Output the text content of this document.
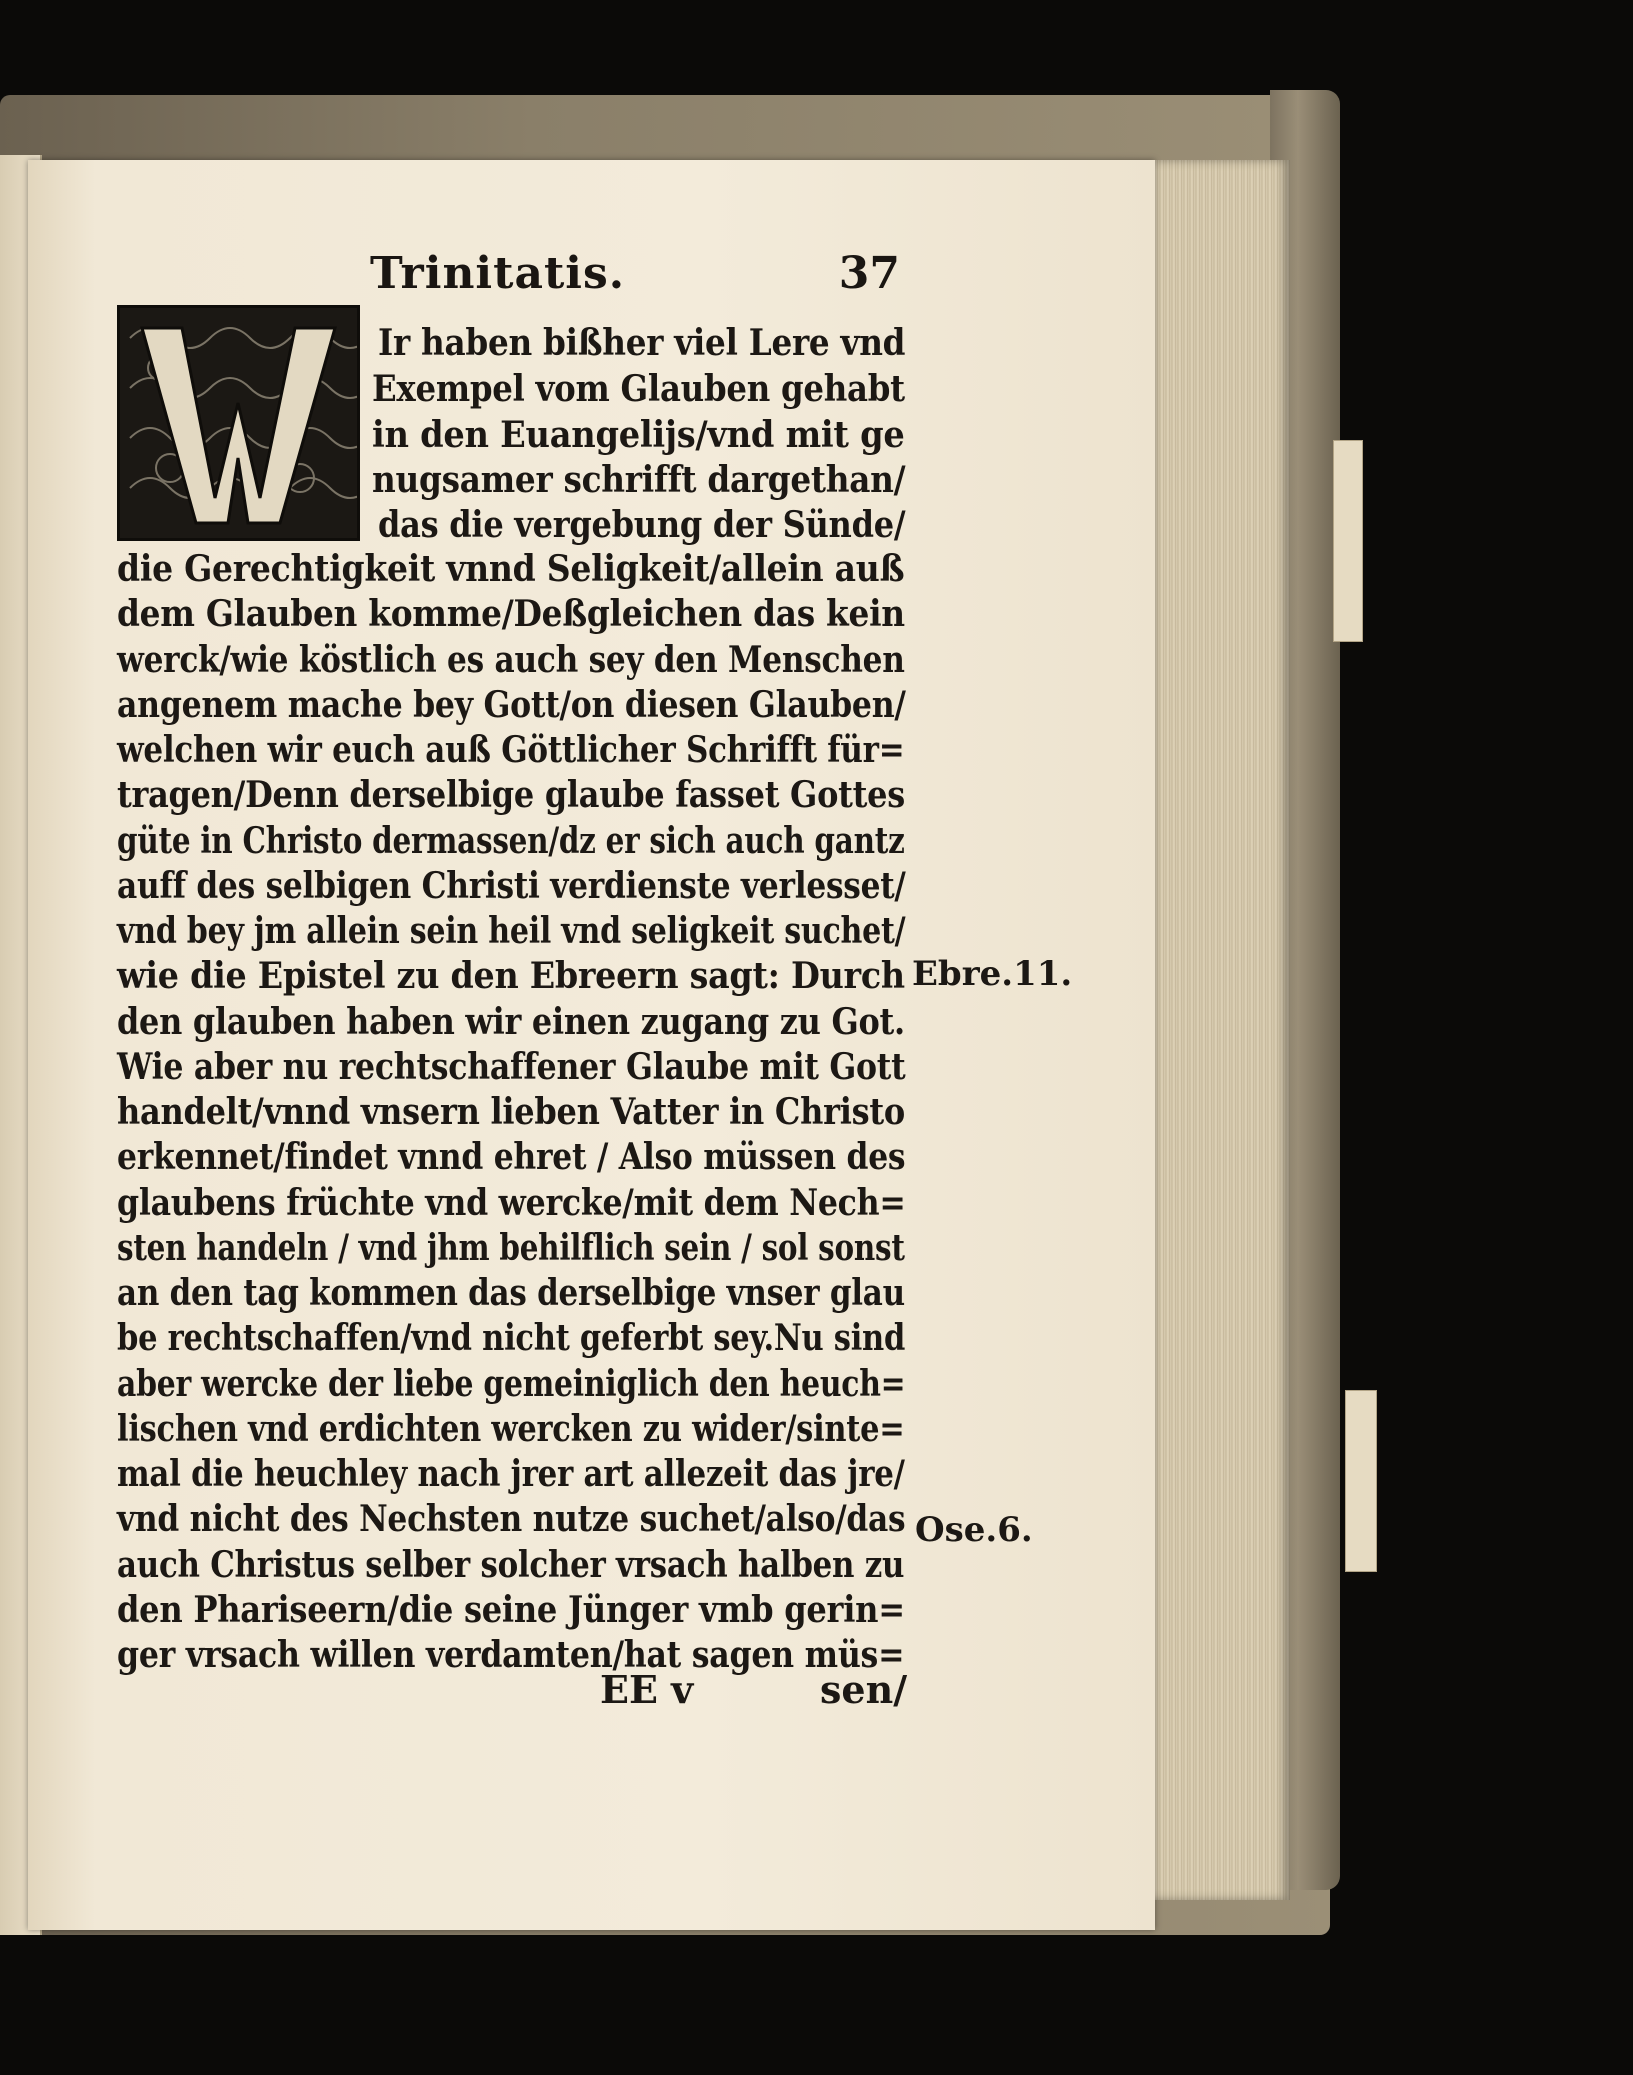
Trinitatis.	37
Ir haben bißher viel Lere vnd
Exempel vom Glauben gehabt
in den Euangelijs/vnd mit ge
nugsamer schrifft dargethan/
das die vergebung der Sünde/
die Gerechtigkeit vnnd Seligkeit/allein auß
dem Glauben komme/Deßgleichen das kein
werck/wie köstlich es auch sey den Menschen
angenem mache bey Gott/on diesen Glauben/
welchen wir euch auß Göttlicher Schrifft für=
tragen/Denn derselbige glaube fasset Gottes
güte in Christo dermassen/dz er sich auch gantz
auff des selbigen Christi verdienste verlesset/
vnd bey jm allein sein heil vnd seligkeit suchet/
wie die Epistel zu den Ebreern sagt: Durch
den glauben haben wir einen zugang zu Got.
Wie aber nu rechtschaffener Glaube mit Gott
handelt/vnnd vnsern lieben Vatter in Christo
erkennet/findet vnnd ehret / Also müssen des
glaubens früchte vnd wercke/mit dem Nech=
sten handeln / vnd jhm behilflich sein / sol sonst
an den tag kommen das derselbige vnser glau
be rechtschaffen/vnd nicht geferbt sey.Nu sind
aber wercke der liebe gemeiniglich den heuch=
lischen vnd erdichten wercken zu wider/sinte=
mal die heuchley nach jrer art allezeit das jre/
vnd nicht des Nechsten nutze suchet/also/das
auch Christus selber solcher vrsach halben zu
den Phariseern/die seine Jünger vmb gerin=
ger vrsach willen verdamten/hat sagen müs=
Ebre.11.
Ose.6.
EE v	sen/
